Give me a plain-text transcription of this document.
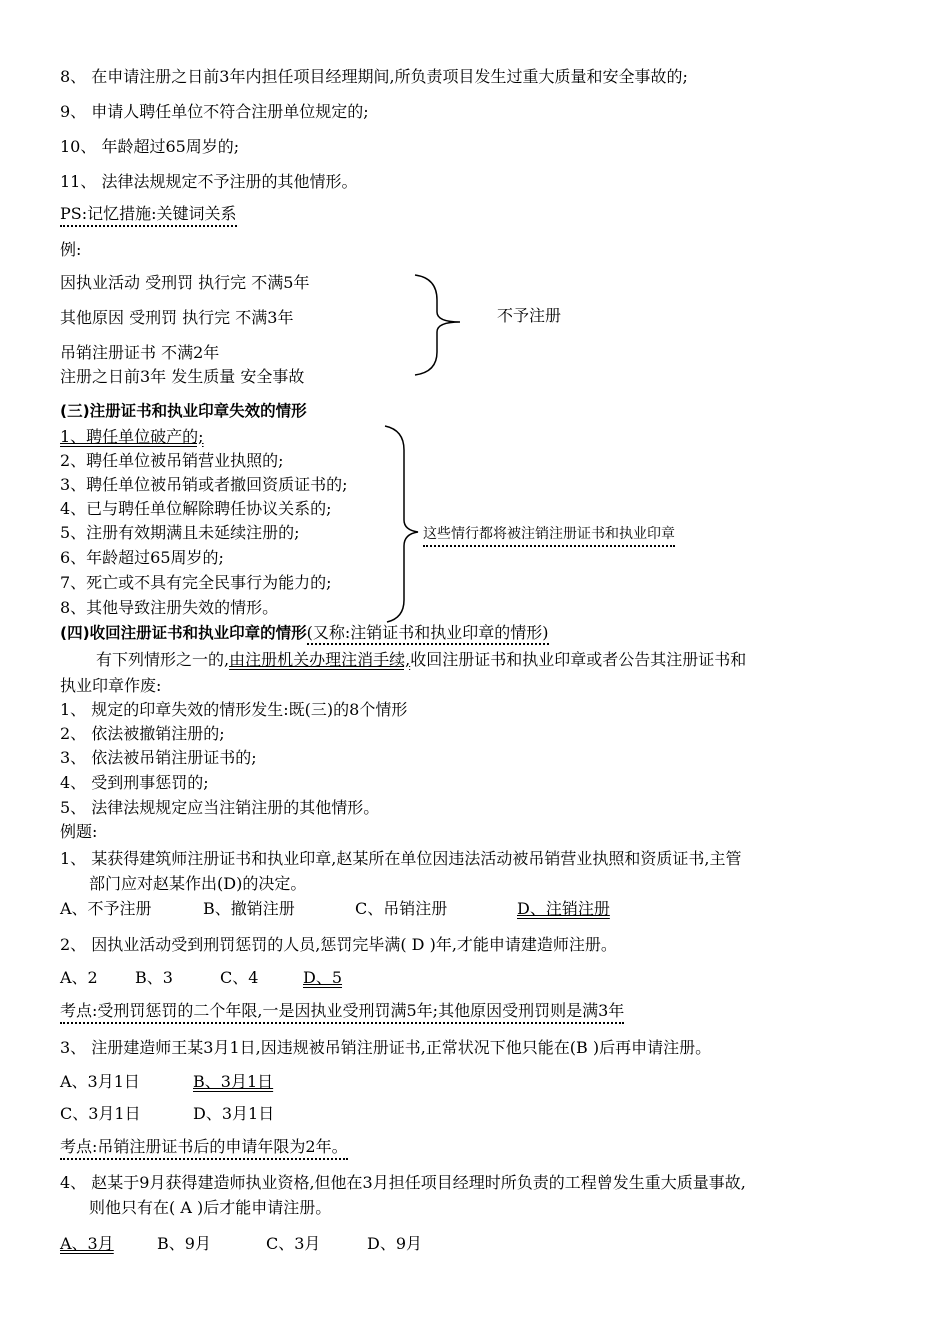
8、 在申请注册之日前3年内担任项目经理期间,所负责项目发生过重大质量和安全事故的;
9、 申请人聘任单位不符合注册单位规定的;
10、 年龄超过65周岁的;
11、 法律法规规定不予注册的其他情形。
PS:记忆措施:关键词关系
例:
因执业活动 受刑罚 执行完 不满5年
其他原因 受刑罚 执行完 不满3年
吊销注册证书 不满2年
注册之日前3年 发生质量 安全事故
不予注册
(三)注册证书和执业印章失效的情形
1、聘任单位破产的;
2、聘任单位被吊销营业执照的;
3、聘任单位被吊销或者撤回资质证书的;
4、已与聘任单位解除聘任协议关系的;
5、注册有效期满且未延续注册的;
6、年龄超过65周岁的;
7、死亡或不具有完全民事行为能力的;
8、其他导致注册失效的情形。
这些情行都将被注销注册证书和执业印章
(四)收回注册证书和执业印章的情形(又称:注销证书和执业印章的情形)
有下列情形之一的,由注册机关办理注消手续,收回注册证书和执业印章或者公告其注册证书和
执业印章作废:
1、 规定的印章失效的情形发生:既(三)的8个情形
2、 依法被撤销注册的;
3、 依法被吊销注册证书的;
4、 受到刑事惩罚的;
5、 法律法规规定应当注销注册的其他情形。
例题:
1、 某获得建筑师注册证书和执业印章,赵某所在单位因违法活动被吊销营业执照和资质证书,主管
部门应对赵某作出(D)的决定。
A、不予注册	B、撤销注册	C、吊销注册	D、注销注册
2、 因执业活动受到刑罚惩罚的人员,惩罚完毕满( D )年,才能申请建造师注册。
A、2 B、3	C、4	D、5
考点:受刑罚惩罚的二个年限,一是因执业受刑罚满5年;其他原因受刑罚则是满3年
3、 注册建造师王某3月1日,因违规被吊销注册证书,正常状况下他只能在(B )后再申请注册。
A、3月1日	B、3月1日
C、3月1日	D、3月1日
考点:吊销注册证书后的申请年限为2年。
4、 赵某于9月获得建造师执业资格,但他在3月担任项目经理时所负责的工程曾发生重大质量事故,
则他只有在( A )后才能申请注册。
A、3月	B、9月	C、3月	D、9月
